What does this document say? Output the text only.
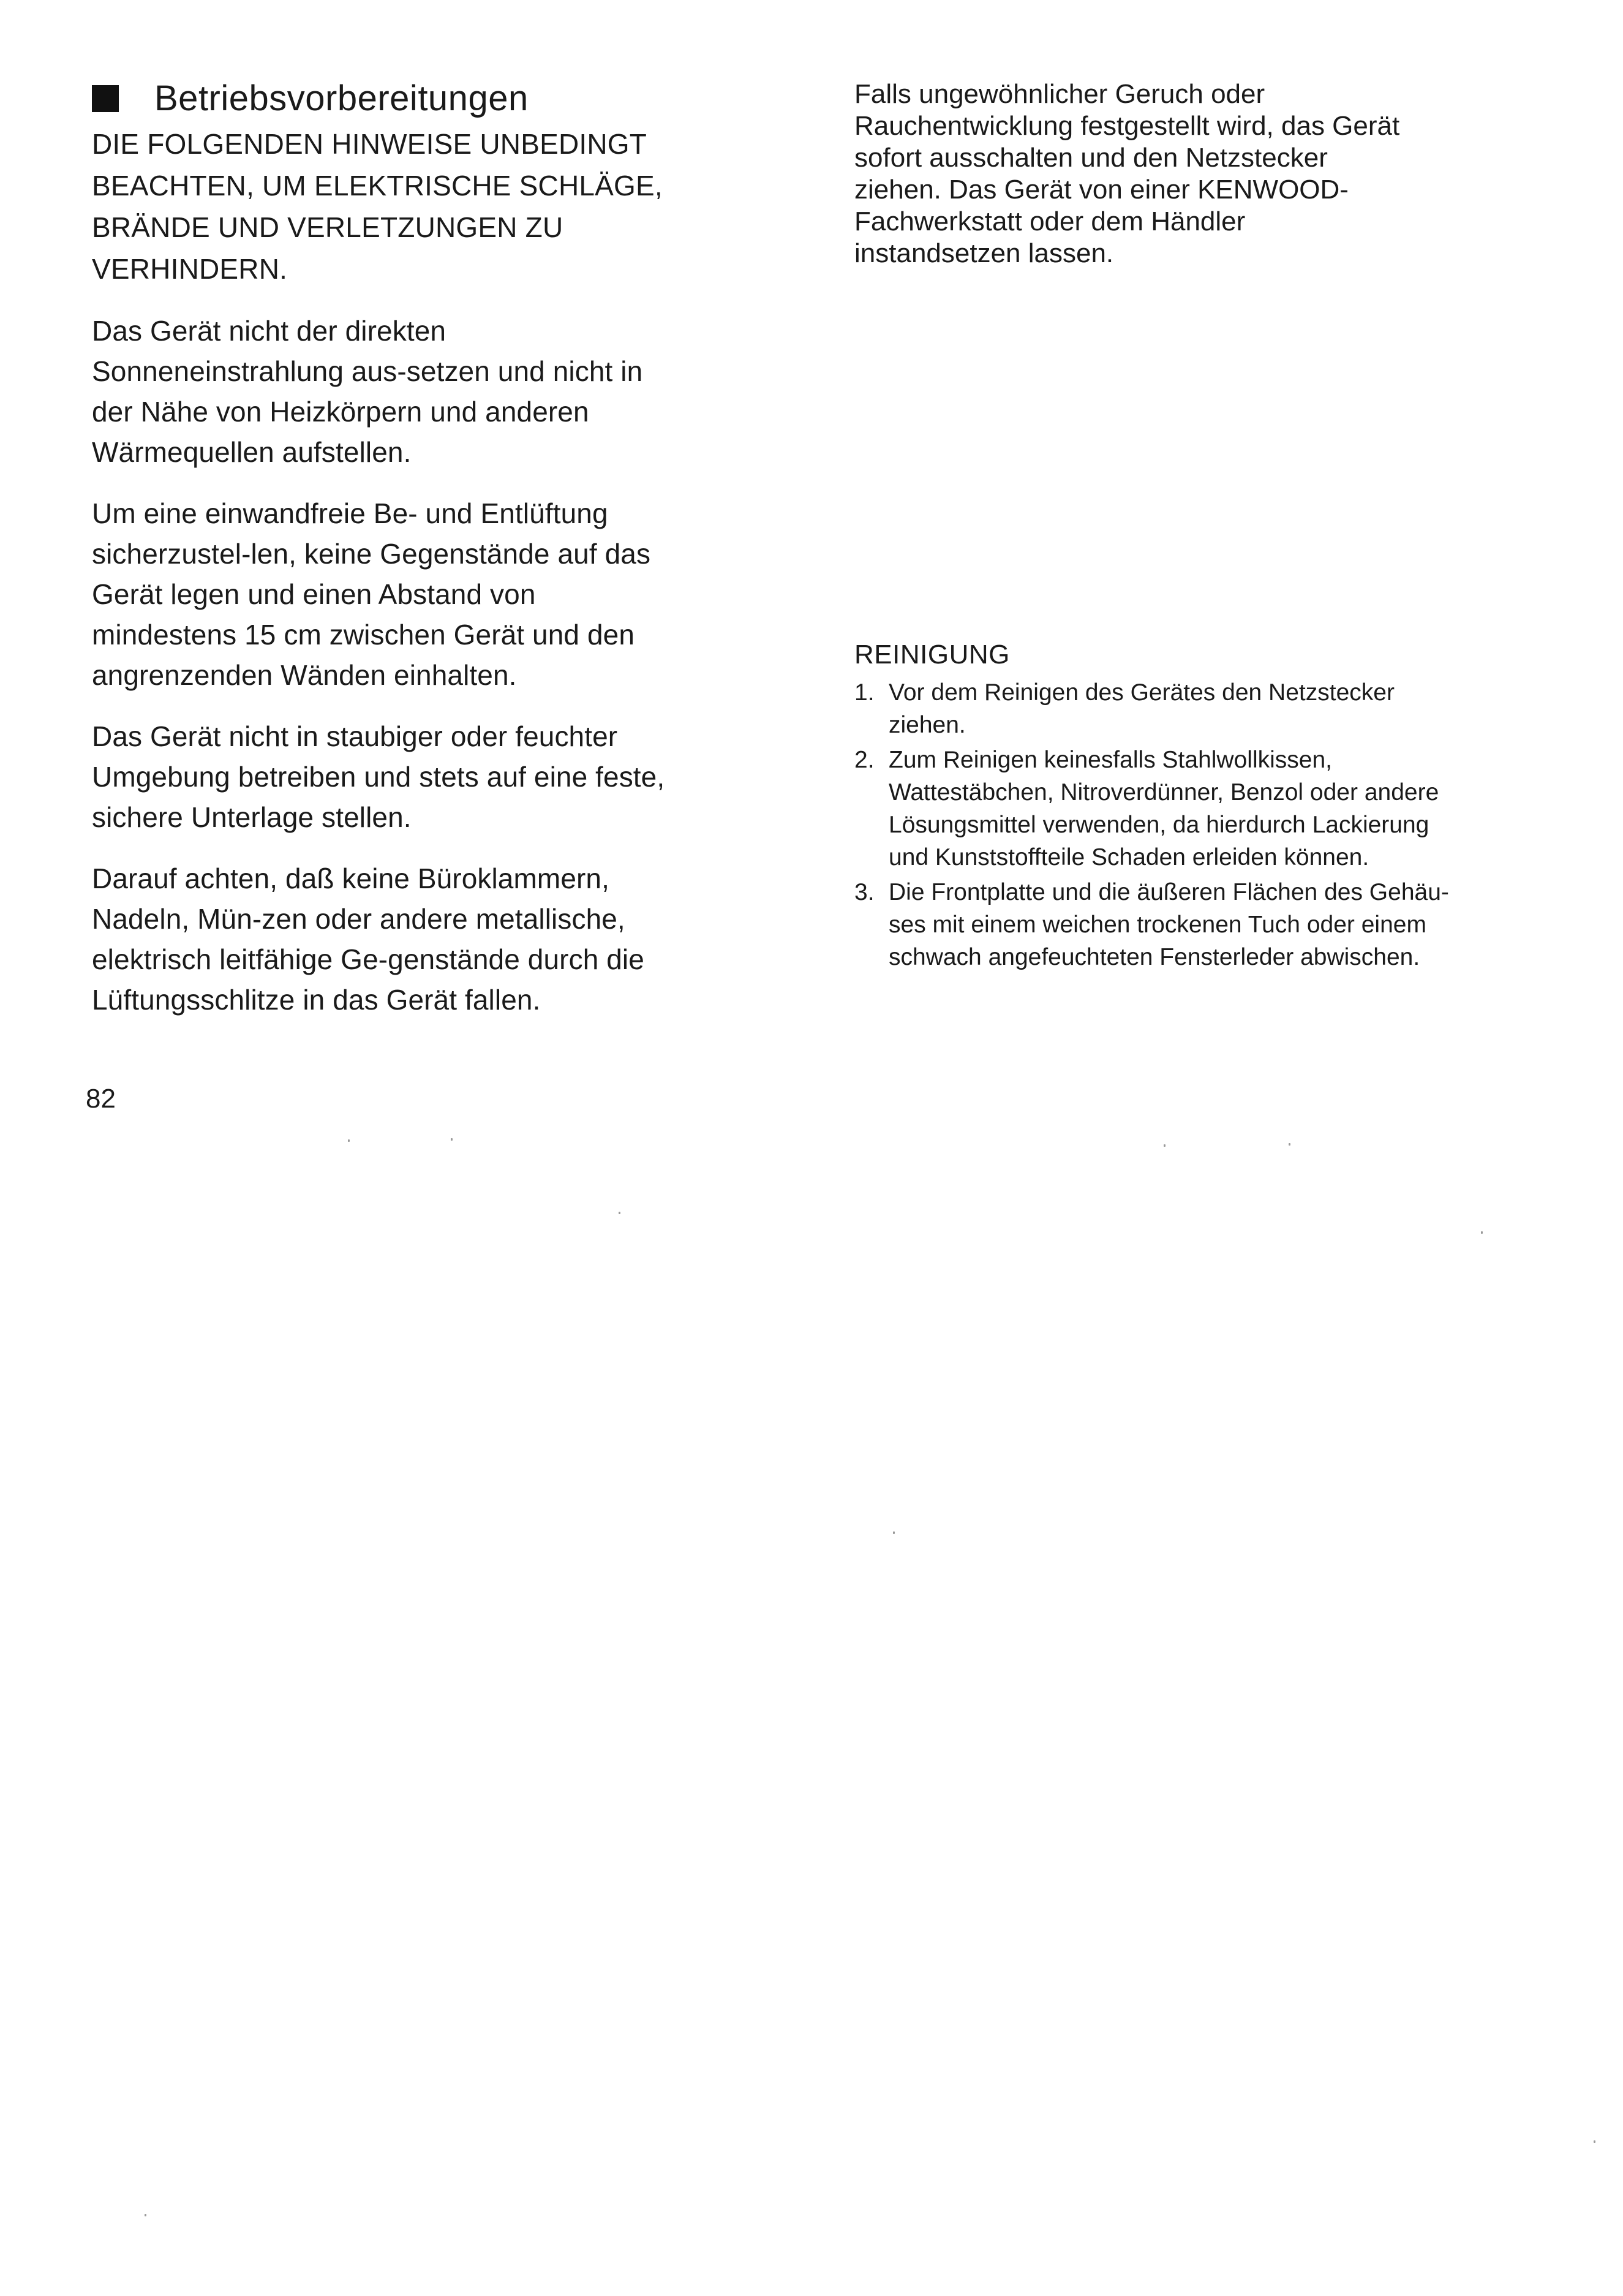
Betriebsvorbereitungen
DIE FOLGENDEN HINWEISE UNBEDINGT
BEACHTEN, UM ELEKTRISCHE SCHLÄGE,
BRÄNDE UND VERLETZUNGEN ZU
VERHINDERN.
Das Gerät nicht der direkten
Sonneneinstrahlung aus-setzen und nicht in
der Nähe von Heizkörpern und anderen
Wärmequellen aufstellen.
Um eine einwandfreie Be- und Entlüftung
sicherzustel-len, keine Gegenstände auf das
Gerät legen und einen Abstand von
mindestens 15 cm zwischen Gerät und den
angrenzenden Wänden einhalten.
Das Gerät nicht in staubiger oder feuchter
Umgebung betreiben und stets auf eine feste,
sichere Unterlage stellen.
Darauf achten, daß keine Büroklammern,
Nadeln, Mün-zen oder andere metallische,
elektrisch leitfähige Ge-genstände durch die
Lüftungsschlitze in das Gerät fallen.
Falls ungewöhnlicher Geruch oder
Rauchentwicklung festgestellt wird, das Gerät
sofort ausschalten und den Netzstecker
ziehen. Das Gerät von einer KENWOOD-
Fachwerkstatt oder dem Händler
instandsetzen lassen.
REINIGUNG
1. Vor dem Reinigen des Gerätes den Netzstecker
ziehen.
2. Zum Reinigen keinesfalls Stahlwollkissen,
Wattestäbchen, Nitroverdünner, Benzol oder andere
Lösungsmittel verwenden, da hierdurch Lackierung
und Kunststoffteile Schaden erleiden können.
3. Die Frontplatte und die äußeren Flächen des Gehäu-
ses mit einem weichen trockenen Tuch oder einem
schwach angefeuchteten Fensterleder abwischen.
82
